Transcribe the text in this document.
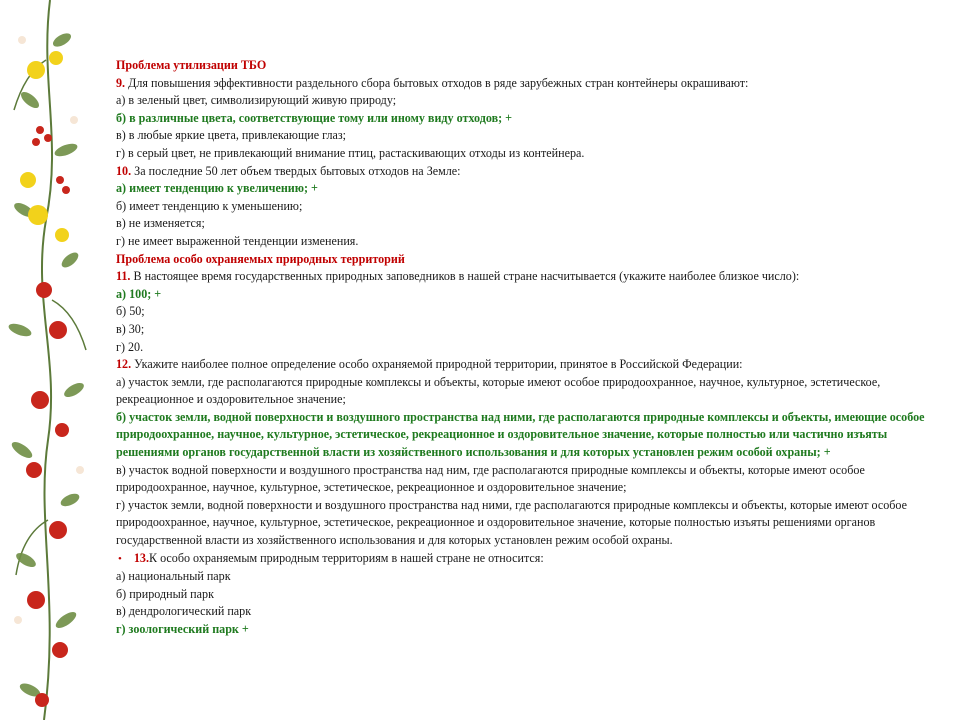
Проблема утилизации ТБО

9. Для повышения эффективности раздельного сбора бытовых отходов в ряде зарубежных стран контейнеры окрашивают:

а) в зеленый цвет, символизирующий живую природу;

б) в различные цвета, соответствующие тому или иному виду отходов; +

в) в любые яркие цвета, привлекающие глаз;

г) в серый цвет, не привлекающий внимание птиц, растаскивающих отходы из контейнера.

10. За последние 50 лет объем твердых бытовых отходов на Земле:

а) имеет тенденцию к увеличению; +

б) имеет тенденцию к уменьшению;

в) не изменяется;

г) не имеет выраженной тенденции изменения.

Проблема особо охраняемых природных территорий

11. В настоящее время государственных природных заповедников в нашей стране насчитывается (укажите наиболее близкое число):

а) 100; +

б) 50;

в) 30;

г) 20.

12. Укажите наиболее полное определение особо охраняемой природной территории, принятое в Российской Федерации:

а) участок земли, где располагаются природные комплексы и объекты, которые имеют особое природоохранное, научное, культурное, эстетическое, рекреационное и оздоровительное значение;

б) участок земли, водной поверхности и воздушного пространства над ними, где располагаются природные комплексы и объекты, имеющие особое природоохранное, научное, культурное, эстетическое, рекреационное и оздоровительное значение, которые полностью или частично изъяты решениями органов государственной власти из хозяйственного использования и для которых установлен режим особой охраны; +

в) участок водной поверхности и воздушного пространства над ним, где располагаются природные комплексы и объекты, которые имеют особое природоохранное, научное, культурное, эстетическое, рекреационное и оздоровительное значение;

г) участок земли, водной поверхности и воздушного пространства над ними, где располагаются природные комплексы и объекты, которые имеют особое природоохранное, научное, культурное, эстетическое, рекреационное и оздоровительное значение, которые полностью изъяты решениями органов государственной власти из хозяйственного использования и для которых установлен режим особой охраны.

• 13.К особо охраняемым природным территориям в нашей стране не относится:

а) национальный парк

б) природный парк

в) дендрологический парк

г) зоологический парк +
